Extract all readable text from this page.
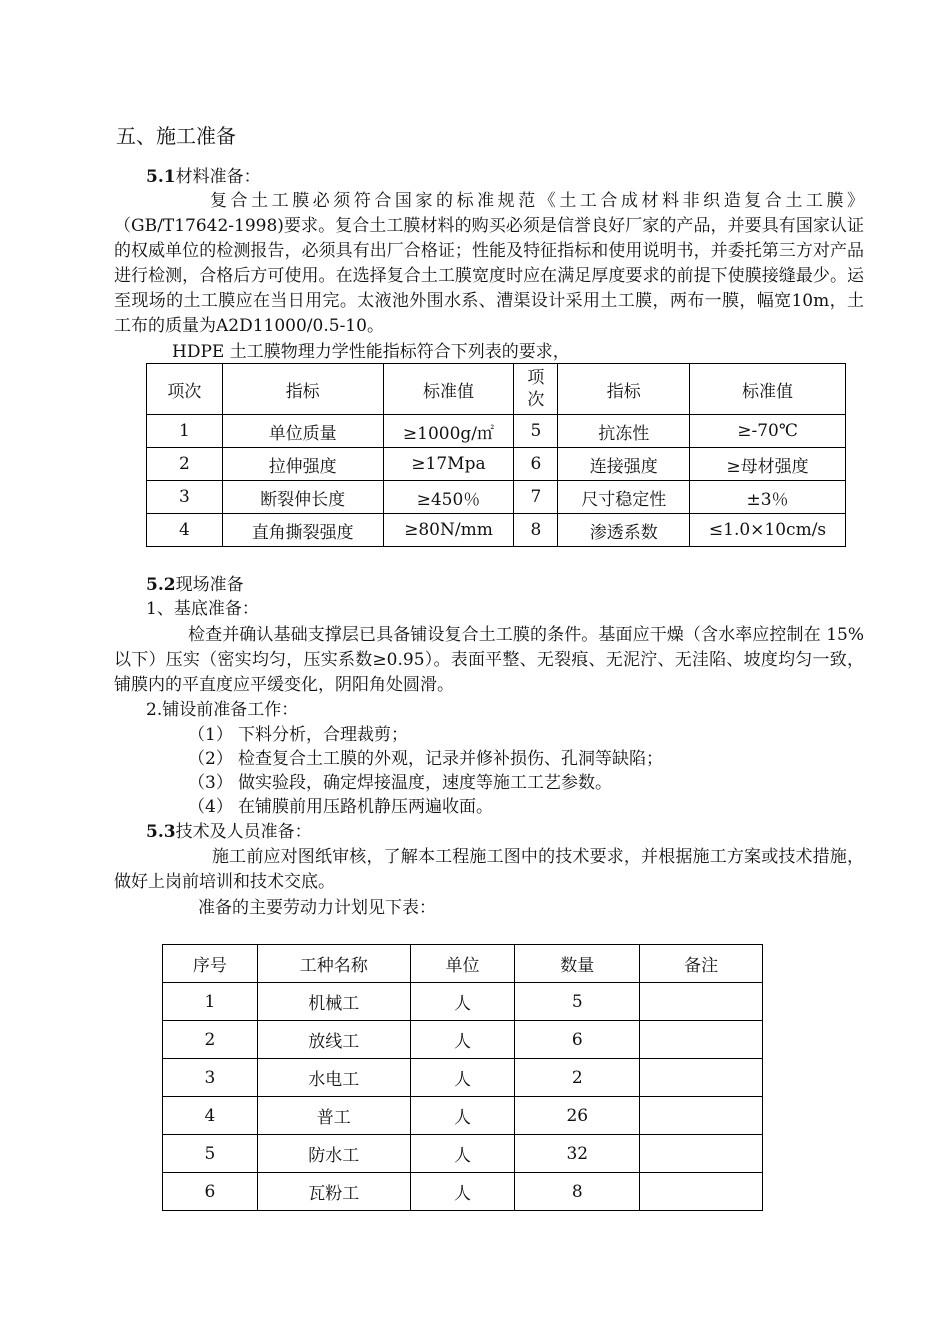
五、施工准备
5.1材料准备：
复合土工膜必须符合国家的标准规范《土工合成材料非织造复合土工膜》（GB/T17642-1998)要求。复合土工膜材料的购买必须是信誉良好厂家的产品，并要具有国家认证的权威单位的检测报告，必须具有出厂合格证；性能及特征指标和使用说明书，并委托第三方对产品进行检测，合格后方可使用。在选择复合土工膜宽度时应在满足厚度要求的前提下使膜接缝最少。运至现场的土工膜应在当日用完。太液池外围水系、漕渠设计采用土工膜，两布一膜，幅宽10m，土工布的质量为A2D11000/0.5-10。
HDPE 土工膜物理力学性能指标符合下列表的要求，
项次	指标	标准值	项次	指标	标准值
1	单位质量	≥1000g/㎡	5	抗冻性	≥-70℃
2	拉伸强度	≥17Mpa	6	连接强度	≥母材强度
3	断裂伸长度	≥450％	7	尺寸稳定性	±3％
4	直角撕裂强度	≥80N/mm	8	渗透系数	≤1.0×10cm/s
5.2现场准备
1、基底准备：
检查并确认基础支撑层已具备铺设复合土工膜的条件。基面应干燥（含水率应控制在 15%以下）压实（密实均匀，压实系数≥0.95）。表面平整、无裂痕、无泥泞、无洼陷、坡度均匀一致，铺膜内的平直度应平缓变化，阴阳角处圆滑。
2.铺设前准备工作：
（1） 下料分析，合理裁剪；
（2） 检查复合土工膜的外观，记录并修补损伤、孔洞等缺陷；
（3） 做实验段，确定焊接温度，速度等施工工艺参数。
（4） 在铺膜前用压路机静压两遍收面。
5.3技术及人员准备：
施工前应对图纸审核，了解本工程施工图中的技术要求，并根据施工方案或技术措施，做好上岗前培训和技术交底。
准备的主要劳动力计划见下表：
序号	工种名称	单位	数量	备注
1	机械工	人	5	
2	放线工	人	6	
3	水电工	人	2	
4	普工	人	26	
5	防水工	人	32	
6	瓦粉工	人	8	
